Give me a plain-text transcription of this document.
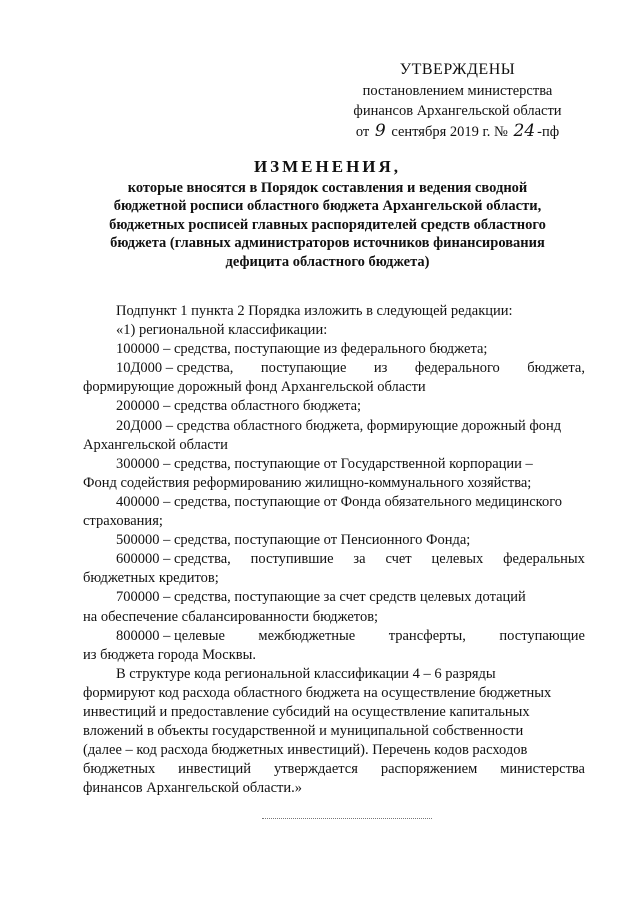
УТВЕРЖДЕНЫ
постановлением министерства
финансов Архангельской области
от 9 сентября 2019 г. № 24 -пф
ИЗМЕНЕНИЯ,
которые вносятся в Порядок составления и ведения сводной
бюджетной росписи областного бюджета Архангельской области,
бюджетных росписей главных распорядителей средств областного
бюджета (главных администраторов источников финансирования
дефицита областного бюджета)
Подпункт 1 пункта 2 Порядка изложить в следующей редакции:
«1) региональной классификации:
100000 – средства, поступающие из федерального бюджета;
10Д000 – средства, поступающие из федерального бюджета,
формирующие дорожный фонд Архангельской области
200000 – средства областного бюджета;
20Д000 – средства областного бюджета, формирующие дорожный фонд
Архангельской области
300000 – средства, поступающие от Государственной корпорации –
Фонд содействия реформированию жилищно-коммунального хозяйства;
400000 – средства, поступающие от Фонда обязательного медицинского
страхования;
500000 – средства, поступающие от Пенсионного Фонда;
600000 – средства, поступившие за счет целевых федеральных
бюджетных кредитов;
700000 – средства, поступающие за счет средств целевых дотаций
на обеспечение сбалансированности бюджетов;
800000 – целевые межбюджетные трансферты, поступающие
из бюджета города Москвы.
В структуре кода региональной классификации 4 – 6 разряды
формируют код расхода областного бюджета на осуществление бюджетных
инвестиций и предоставление субсидий на осуществление капитальных
вложений в объекты государственной и муниципальной собственности
(далее – код расхода бюджетных инвестиций). Перечень кодов расходов
бюджетных инвестиций утверждается распоряжением министерства
финансов Архангельской области.»
